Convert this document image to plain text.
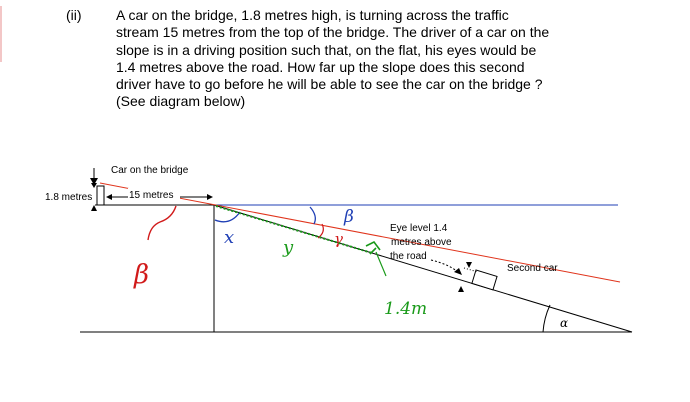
(ii) A car on the bridge, 1.8 metres high, is turning across the traffic
stream 15 metres from the top of the bridge. The driver of a car on the
slope is in a driving position such that, on the flat, his eyes would be
1.4 metres above the road. How far up the slope does this second
driver have to go before he will be able to see the car on the bridge ?
(See diagram below)
Car on the bridge
1.8 metres	15 metres
β
x
β
γ
y
1.4m
Eye level 1.4
metres above
the road
Second car
α
